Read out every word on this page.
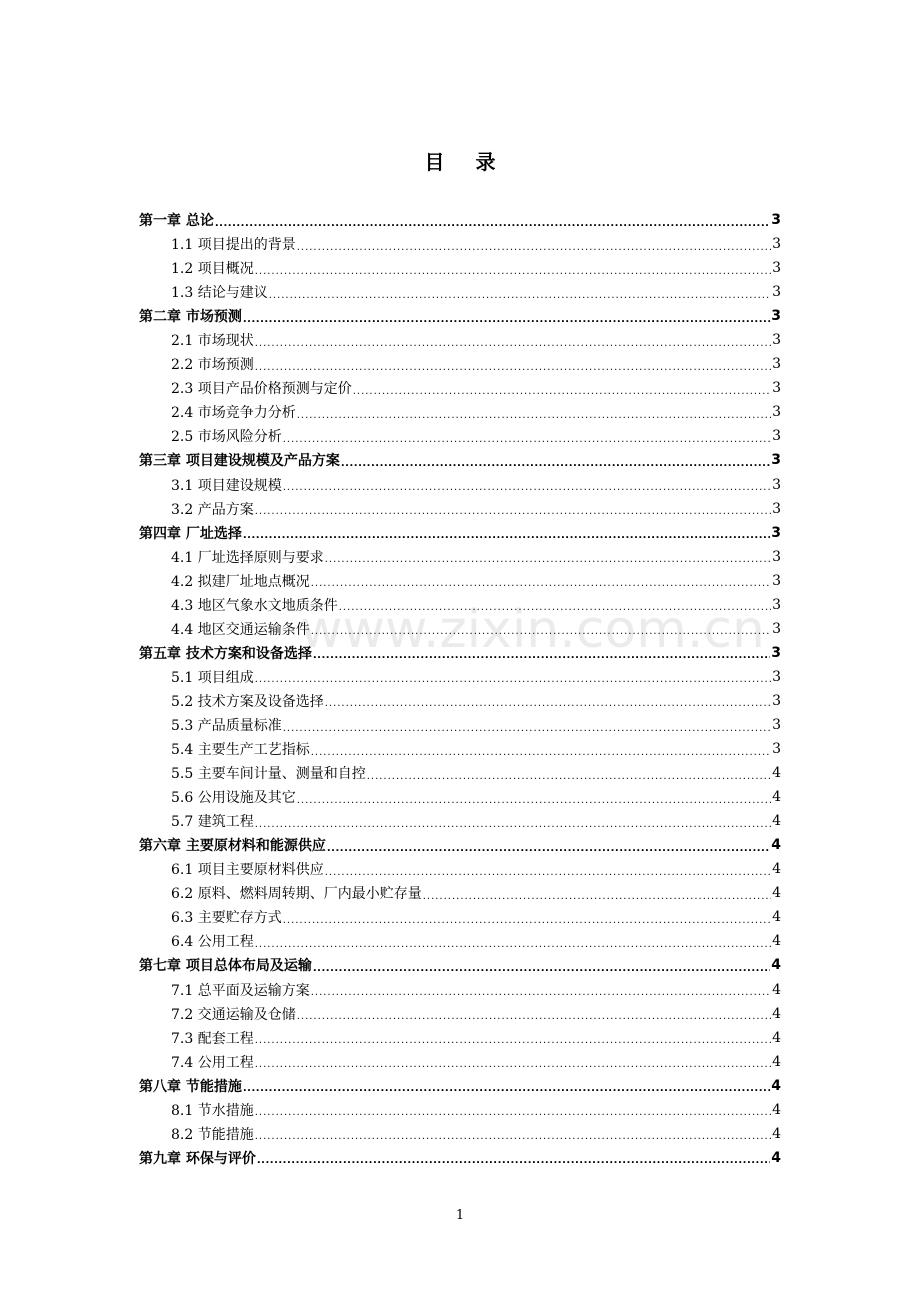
目 录
www.zixin.com.cn
第一章 总论 .....	3
1.1 项目提出的背景 .....	3
1.2 项目概况 .....	3
1.3 结论与建议 .....	3
第二章 市场预测 .....	3
2.1 市场现状 .....	3
2.2 市场预测 .....	3
2.3 项目产品价格预测与定价 .....	3
2.4 市场竞争力分析 .....	3
2.5 市场风险分析 .....	3
第三章 项目建设规模及产品方案 .....	3
3.1 项目建设规模 .....	3
3.2 产品方案 .....	3
第四章 厂址选择 .....	3
4.1 厂址选择原则与要求 .....	3
4.2 拟建厂址地点概况 .....	3
4.3 地区气象水文地质条件 .....	3
4.4 地区交通运输条件 .....	3
第五章 技术方案和设备选择 .....	3
5.1 项目组成 .....	3
5.2 技术方案及设备选择 .....	3
5.3 产品质量标准 .....	3
5.4 主要生产工艺指标 .....	3
5.5 主要车间计量、测量和自控 .....	4
5.6 公用设施及其它 .....	4
5.7 建筑工程 .....	4
第六章 主要原材料和能源供应 .....	4
6.1 项目主要原材料供应 .....	4
6.2 原料、燃料周转期、厂内最小贮存量 .....	4
6.3 主要贮存方式 .....	4
6.4 公用工程 .....	4
第七章 项目总体布局及运输 .....	4
7.1 总平面及运输方案 .....	4
7.2 交通运输及仓储 .....	4
7.3 配套工程 .....	4
7.4 公用工程 .....	4
第八章 节能措施 .....	4
8.1 节水措施 .....	4
8.2 节能措施 .....	4
第九章 环保与评价 .....	4
1
